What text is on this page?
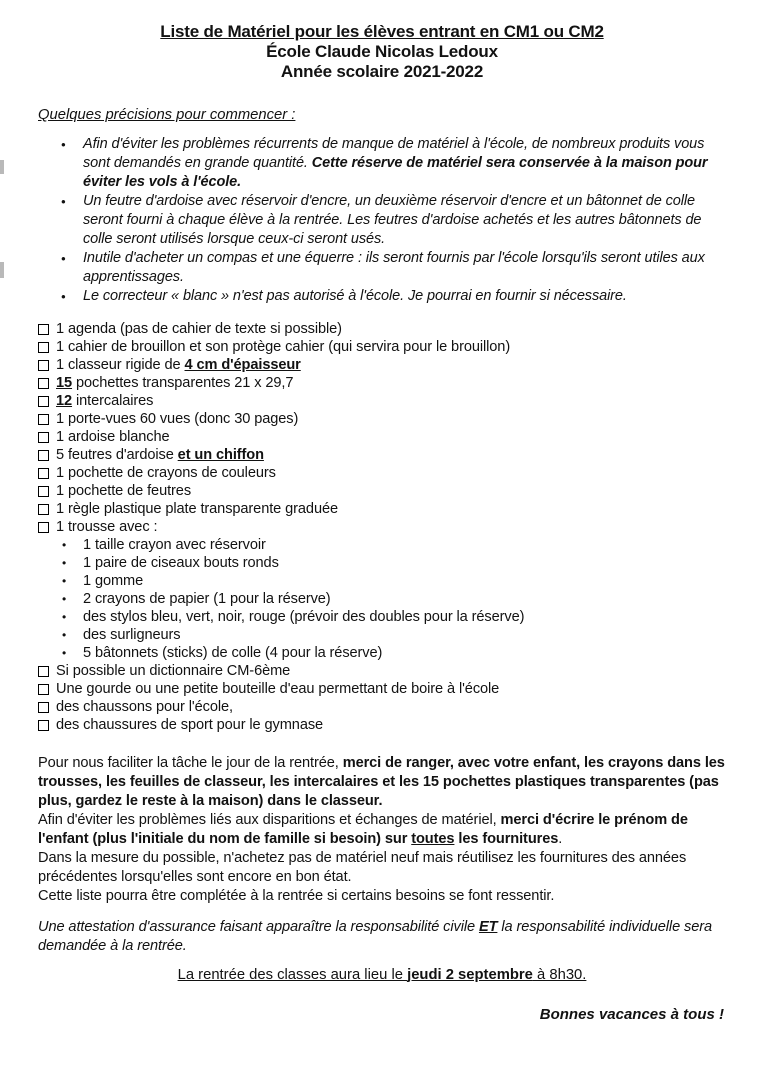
Liste de Matériel pour les élèves entrant en CM1 ou CM2
École Claude Nicolas Ledoux
Année scolaire 2021-2022
Quelques précisions pour commencer :
• Afin d'éviter les problèmes récurrents de manque de matériel à l'école, de nombreux produits vous sont demandés en grande quantité. Cette réserve de matériel sera conservée à la maison pour éviter les vols à l'école.
• Un feutre d'ardoise avec réservoir d'encre, un deuxième réservoir d'encre et un bâtonnet de colle seront fourni à chaque élève à la rentrée. Les feutres d'ardoise achetés et les autres bâtonnets de colle seront utilisés lorsque ceux-ci seront usés.
• Inutile d'acheter un compas et une équerre : ils seront fournis par l'école lorsqu'ils seront utiles aux apprentissages.
• Le correcteur « blanc » n'est pas autorisé à l'école. Je pourrai en fournir si nécessaire.
1 agenda (pas de cahier de texte si possible)
1 cahier de brouillon et son protège cahier (qui servira pour le brouillon)
1 classeur rigide de 4 cm d'épaisseur
15 pochettes transparentes 21 x 29,7
12 intercalaires
1 porte-vues 60 vues (donc 30 pages)
1 ardoise blanche
5 feutres d'ardoise et un chiffon
1 pochette de crayons de couleurs
1 pochette de feutres
1 règle plastique plate transparente graduée
1 trousse avec :
• 1 taille crayon avec réservoir
• 1 paire de ciseaux bouts ronds
• 1 gomme
• 2 crayons de papier (1 pour la réserve)
• des stylos bleu, vert, noir, rouge (prévoir des doubles pour la réserve)
• des surligneurs
• 5 bâtonnets (sticks) de colle (4 pour la réserve)
Si possible un dictionnaire CM-6ème
Une gourde ou une petite bouteille d'eau permettant de boire à l'école
des chaussons pour l'école,
des chaussures de sport pour le gymnase
Pour nous faciliter la tâche le jour de la rentrée, merci de ranger, avec votre enfant, les crayons dans les trousses, les feuilles de classeur, les intercalaires et les 15 pochettes plastiques transparentes (pas plus, gardez le reste à la maison) dans le classeur.
Afin d'éviter les problèmes liés aux disparitions et échanges de matériel, merci d'écrire le prénom de l'enfant (plus l'initiale du nom de famille si besoin) sur toutes les fournitures.
Dans la mesure du possible, n'achetez pas de matériel neuf mais réutilisez les fournitures des années précédentes lorsqu'elles sont encore en bon état.
Cette liste pourra être complétée à la rentrée si certains besoins se font ressentir.
Une attestation d'assurance faisant apparaître la responsabilité civile ET la responsabilité individuelle sera demandée à la rentrée.
La rentrée des classes aura lieu le jeudi 2 septembre à 8h30.
Bonnes vacances à tous !
